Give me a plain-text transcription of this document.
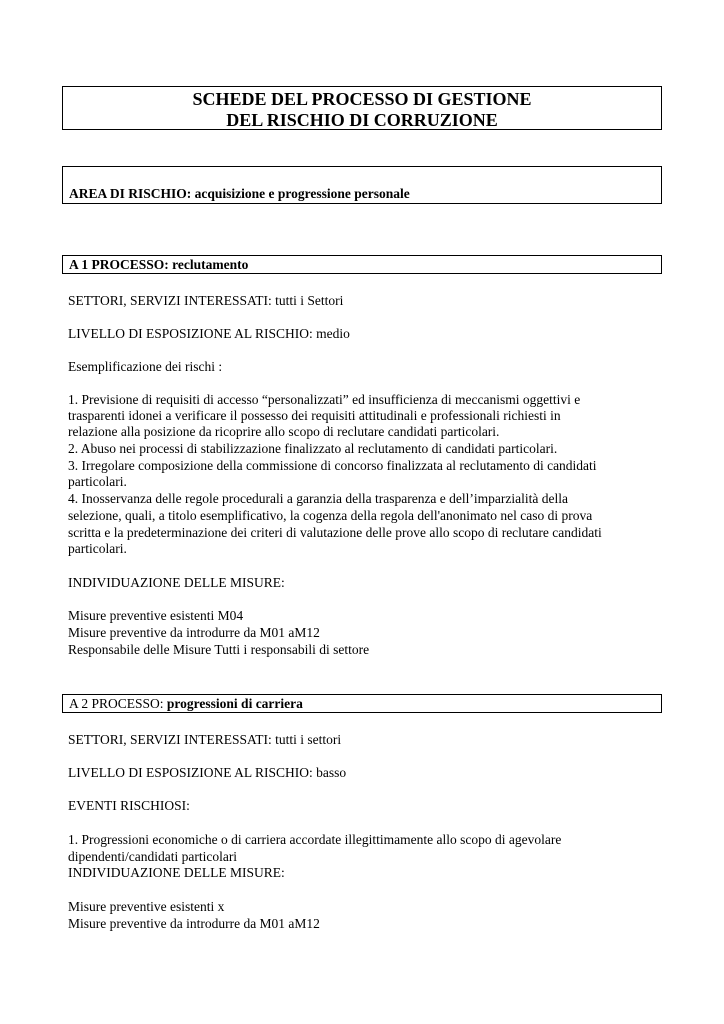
SCHEDE DEL PROCESSO DI GESTIONE
DEL RISCHIO DI CORRUZIONE
AREA DI RISCHIO: acquisizione e progressione personale
A 1 PROCESSO: reclutamento
SETTORI, SERVIZI INTERESSATI: tutti i Settori
LIVELLO DI ESPOSIZIONE AL RISCHIO: medio
Esemplificazione dei rischi :
1. Previsione di requisiti di accesso “personalizzati” ed insufficienza di meccanismi oggettivi e
trasparenti idonei a verificare il possesso dei requisiti attitudinali e professionali richiesti in
relazione alla posizione da ricoprire allo scopo di reclutare candidati particolari.
2. Abuso nei processi di stabilizzazione finalizzato al reclutamento di candidati particolari.
3. Irregolare composizione della commissione di concorso finalizzata al reclutamento di candidati
particolari.
4. Inosservanza delle regole procedurali a garanzia della trasparenza e dell’imparzialità della
selezione, quali, a titolo esemplificativo, la cogenza della regola dell'anonimato nel caso di prova
scritta e la predeterminazione dei criteri di valutazione delle prove allo scopo di reclutare candidati
particolari.
INDIVIDUAZIONE DELLE MISURE:
Misure preventive esistenti M04
Misure preventive da introdurre da M01 aM12
Responsabile delle Misure Tutti i responsabili di settore
A 2 PROCESSO: progressioni di carriera
SETTORI, SERVIZI INTERESSATI: tutti i settori
LIVELLO DI ESPOSIZIONE AL RISCHIO: basso
EVENTI RISCHIOSI:
1. Progressioni economiche o di carriera accordate illegittimamente allo scopo di agevolare
dipendenti/candidati particolari
INDIVIDUAZIONE DELLE MISURE:
Misure preventive esistenti x
Misure preventive da introdurre da M01 aM12
